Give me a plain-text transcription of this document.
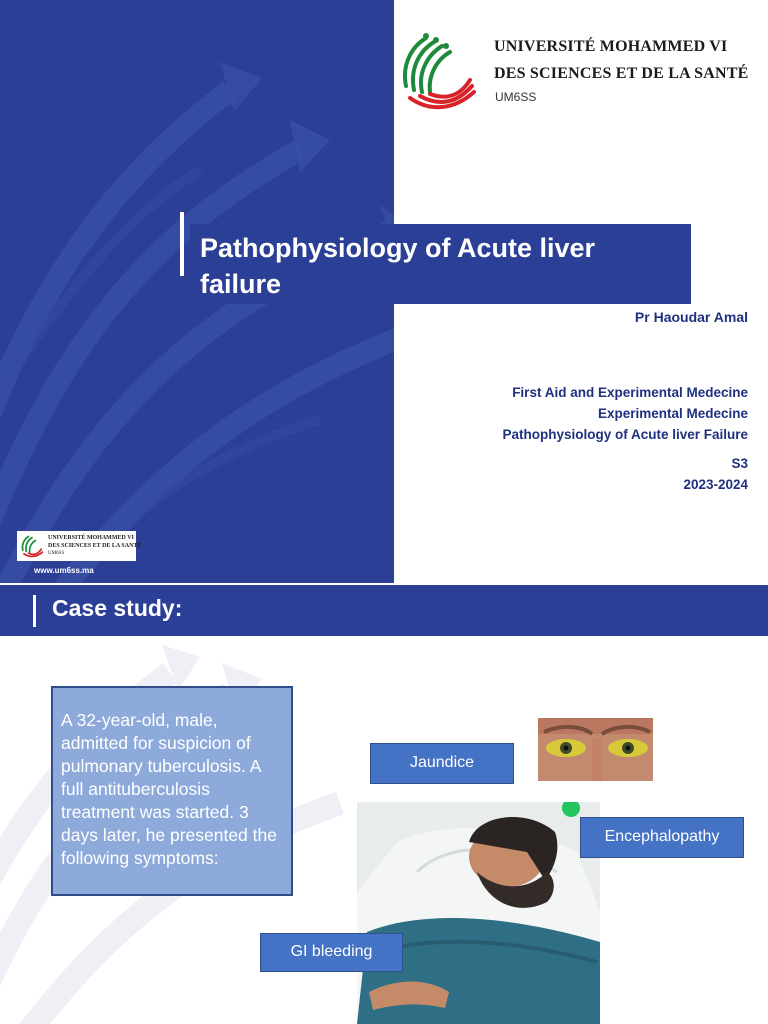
UNIVERSITÉ MOHAMMED VI
DES SCIENCES ET DE LA SANTÉ
UM6SS
Pathophysiology of Acute liver failure
Pr Haoudar Amal
First Aid and Experimental Medecine
Experimental Medecine
Pathophysiology of Acute liver Failure
S3
2023-2024
UNIVERSITÉ MOHAMMED VI
DES SCIENCES ET DE LA SANTÉ
UM6SS
www.um6ss.ma
Case study:

A 32-year-old, male, admitted for suspicion of pulmonary tuberculosis. A full antituberculosis treatment was started. 3 days later, he presented the following symptoms:

Jaundice
Encephalopathy
GI bleeding
